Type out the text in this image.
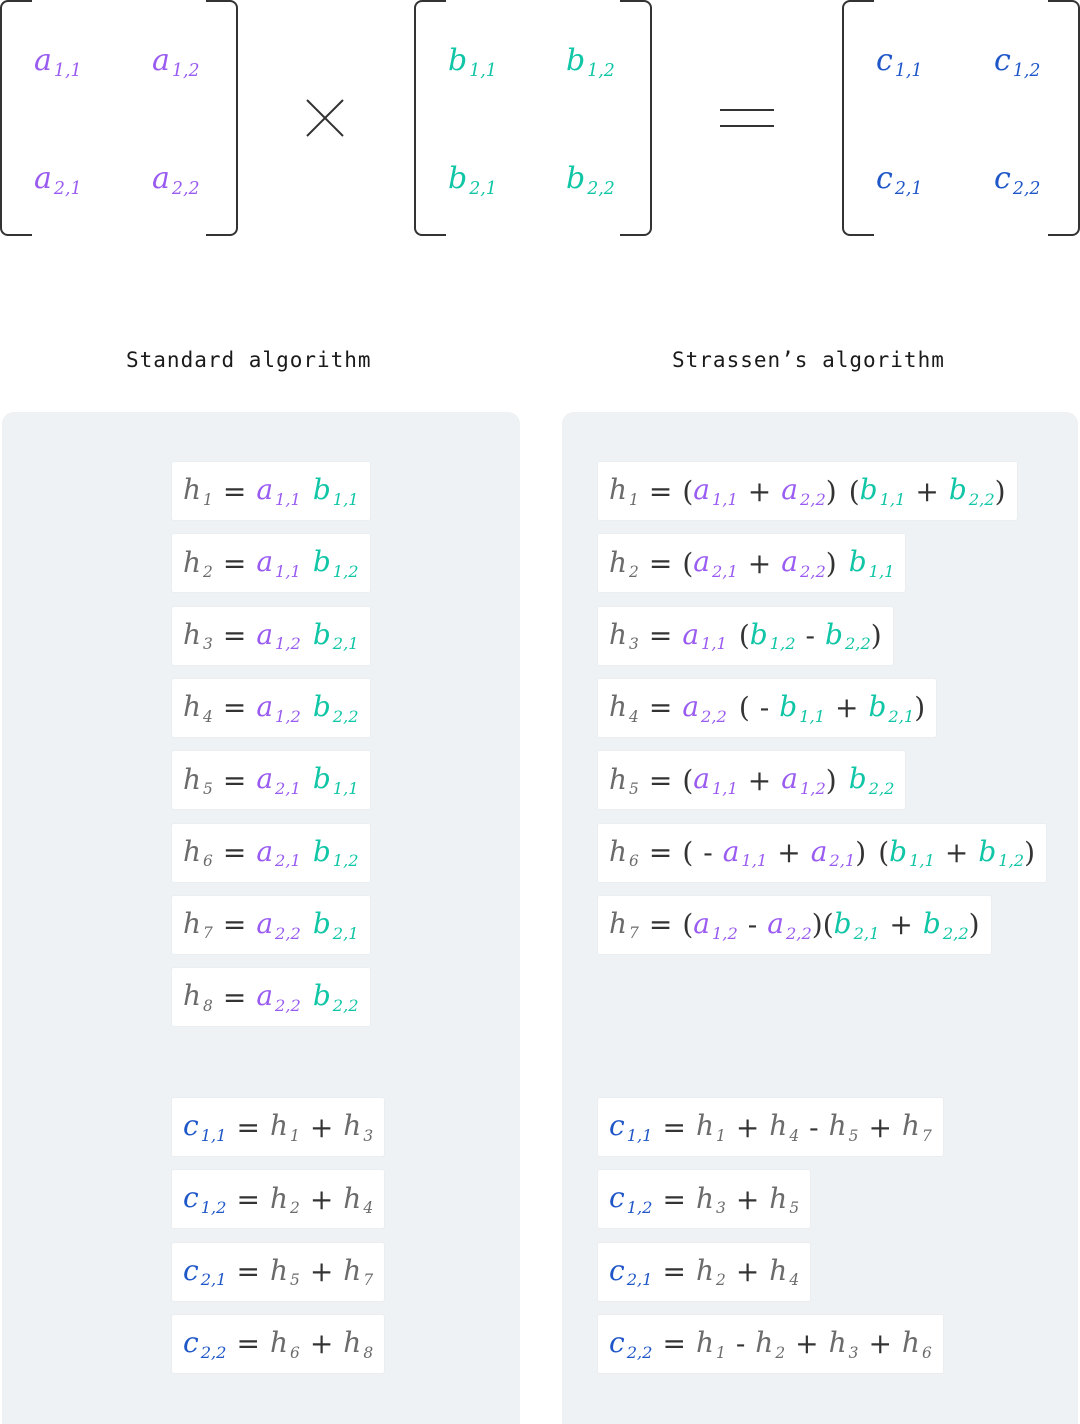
a $_{1,1}$ a $_{1,2}$
a $_{2,1}$ a $_{2,2}$
b $_{1,1}$ b $_{1,2}$
b $_{2,1}$ b $_{2,2}$
c $_{1,1}$ c $_{1,2}$
c $_{2,1}$ c $_{2,2}$
Standard algorithm	Strassen’s algorithm
h $_1$ = a $_{1,1}$ b $_{1,1}$
h $_2$ = a $_{1,1}$ b $_{1,2}$
h $_3$ = a $_{1,2}$ b $_{2,1}$
h $_4$ = a $_{1,2}$ b $_{2,2}$
h $_5$ = a $_{2,1}$ b $_{1,1}$
h $_6$ = a $_{2,1}$ b $_{1,2}$
h $_7$ = a $_{2,2}$ b $_{2,1}$
h $_8$ = a $_{2,2}$ b $_{2,2}$
c $_{1,1}$ = h $_1$ + h $_3$
c $_{1,2}$ = h $_2$ + h $_4$
c $_{2,1}$ = h $_5$ + h $_7$
c $_{2,2}$ = h $_6$ + h $_8$
h $_1$ = ( a $_{1,1}$ + a $_{2,2}$ ) ( b $_{1,1}$ + b $_{2,2}$ )
h $_2$ = ( a $_{2,1}$ + a $_{2,2}$ ) b $_{1,1}$
h $_3$ = a $_{1,1}$ ( b $_{1,2}$ - b $_{2,2}$ )
h $_4$ = a $_{2,2}$ ( - b $_{1,1}$ + b $_{2,1}$ )
h $_5$ = ( a $_{1,1}$ + a $_{1,2}$ ) b $_{2,2}$
h $_6$ = ( - a $_{1,1}$ + a $_{2,1}$ ) ( b $_{1,1}$ + b $_{1,2}$ )
h $_7$ = ( a $_{1,2}$ - a $_{2,2}$ ) ( b $_{2,1}$ + b $_{2,2}$ )
c $_{1,1}$ = h $_1$ + h $_4$ - h $_5$ + h $_7$
c $_{1,2}$ = h $_3$ + h $_5$
c $_{2,1}$ = h $_2$ + h $_4$
c $_{2,2}$ = h $_1$ - h $_2$ + h $_3$ + h $_6$
